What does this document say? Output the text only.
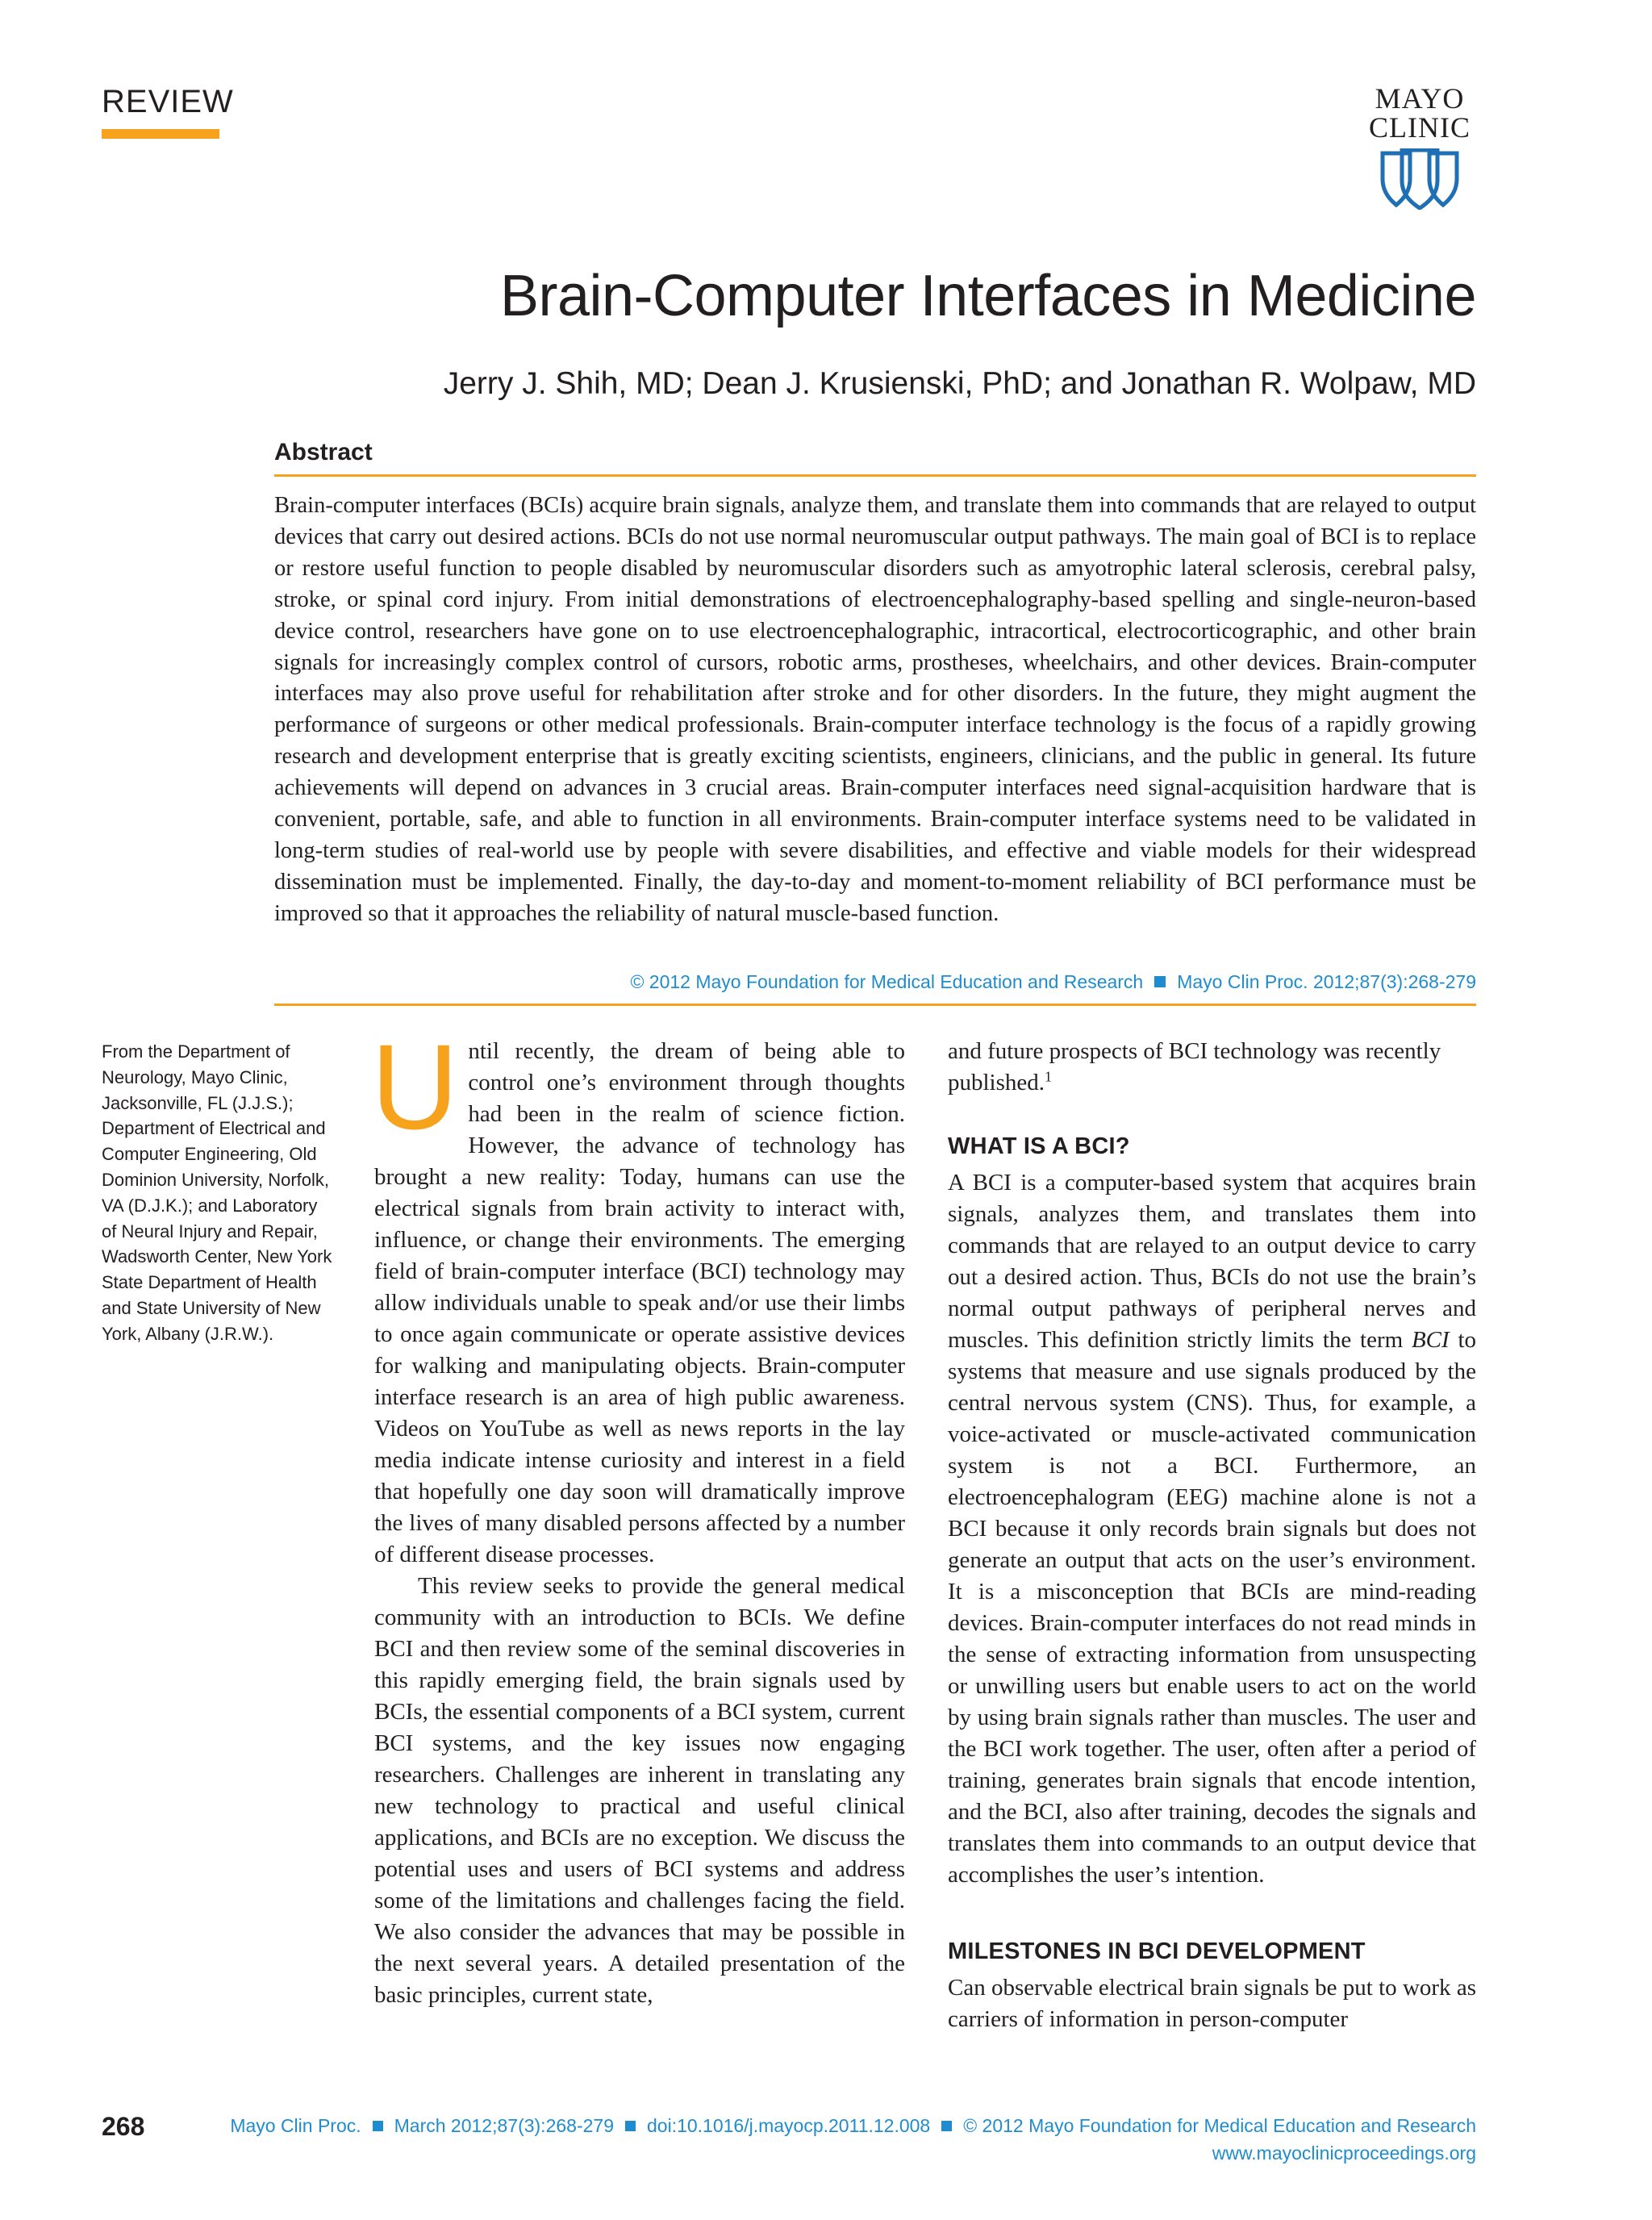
REVIEW	MAYO
CLINIC
Brain-Computer Interfaces in Medicine
Jerry J. Shih, MD; Dean J. Krusienski, PhD; and Jonathan R. Wolpaw, MD
Abstract
Brain-computer interfaces (BCIs) acquire brain signals, analyze them, and translate them into commands that are relayed to output devices that carry out desired actions. BCIs do not use normal neuromuscular output pathways. The main goal of BCI is to replace or restore useful function to people disabled by neuromuscular disorders such as amyotrophic lateral sclerosis, cerebral palsy, stroke, or spinal cord injury. From initial demonstrations of electroencephalography-based spelling and single-neuron-based device control, researchers have gone on to use electroencephalographic, intracortical, electrocorticographic, and other brain signals for increasingly complex control of cursors, robotic arms, prostheses, wheelchairs, and other devices. Brain-computer interfaces may also prove useful for rehabilitation after stroke and for other disorders. In the future, they might augment the performance of surgeons or other medical professionals. Brain-computer interface technology is the focus of a rapidly growing research and development enterprise that is greatly exciting scientists, engineers, clinicians, and the public in general. Its future achievements will depend on advances in 3 crucial areas. Brain-computer interfaces need signal-acquisition hardware that is convenient, portable, safe, and able to function in all environments. Brain-computer interface systems need to be validated in long-term studies of real-world use by people with severe disabilities, and effective and viable models for their widespread dissemination must be implemented. Finally, the day-to-day and moment-to-moment reliability of BCI performance must be improved so that it approaches the reliability of natural muscle-based function.
© 2012 Mayo Foundation for Medical Education and Research Mayo Clin Proc. 2012;87(3):268-279
From the Department of Neurology, Mayo Clinic, Jacksonville, FL (J.J.S.); Department of Electrical and Computer Engineering, Old Dominion University, Norfolk, VA (D.J.K.); and Laboratory of Neural Injury and Repair, Wadsworth Center, New York State Department of Health and State University of New York, Albany (J.R.W.).

Until recently, the dream of being able to control one’s environment through thoughts had been in the realm of science fiction. However, the advance of technology has brought a new reality: Today, humans can use the electrical signals from brain activity to interact with, influence, or change their environments. The emerging field of brain-computer interface (BCI) technology may allow individuals unable to speak and/or use their limbs to once again communicate or operate assistive devices for walking and manipulating objects. Brain-computer interface research is an area of high public awareness. Videos on YouTube as well as news reports in the lay media indicate intense curiosity and interest in a field that hopefully one day soon will dramatically improve the lives of many disabled persons affected by a number of different disease processes.

This review seeks to provide the general medical community with an introduction to BCIs. We define BCI and then review some of the seminal discoveries in this rapidly emerging field, the brain signals used by BCIs, the essential components of a BCI system, current BCI systems, and the key issues now engaging researchers. Challenges are inherent in translating any new technology to practical and useful clinical applications, and BCIs are no exception. We discuss the potential uses and users of BCI systems and address some of the limitations and challenges facing the field. We also consider the advances that may be possible in the next several years. A detailed presentation of the basic principles, current state,

and future prospects of BCI technology was recently published.$^1$

WHAT IS A BCI?

A BCI is a computer-based system that acquires brain signals, analyzes them, and translates them into commands that are relayed to an output device to carry out a desired action. Thus, BCIs do not use the brain’s normal output pathways of peripheral nerves and muscles. This definition strictly limits the term BCI to systems that measure and use signals produced by the central nervous system (CNS). Thus, for example, a voice-activated or muscle-activated communication system is not a BCI. Furthermore, an electroencephalogram (EEG) machine alone is not a BCI because it only records brain signals but does not generate an output that acts on the user’s environment. It is a misconception that BCIs are mind-reading devices. Brain-computer interfaces do not read minds in the sense of extracting information from unsuspecting or unwilling users but enable users to act on the world by using brain signals rather than muscles. The user and the BCI work together. The user, often after a period of training, generates brain signals that encode intention, and the BCI, also after training, decodes the signals and translates them into commands to an output device that accomplishes the user’s intention.

MILESTONES IN BCI DEVELOPMENT

Can observable electrical brain signals be put to work as carriers of information in person-computer

268	Mayo Clin Proc. March 2012;87(3):268-279 doi:10.1016/j.mayocp.2011.12.008 © 2012 Mayo Foundation for Medical Education and Research
www.mayoclinicproceedings.org
